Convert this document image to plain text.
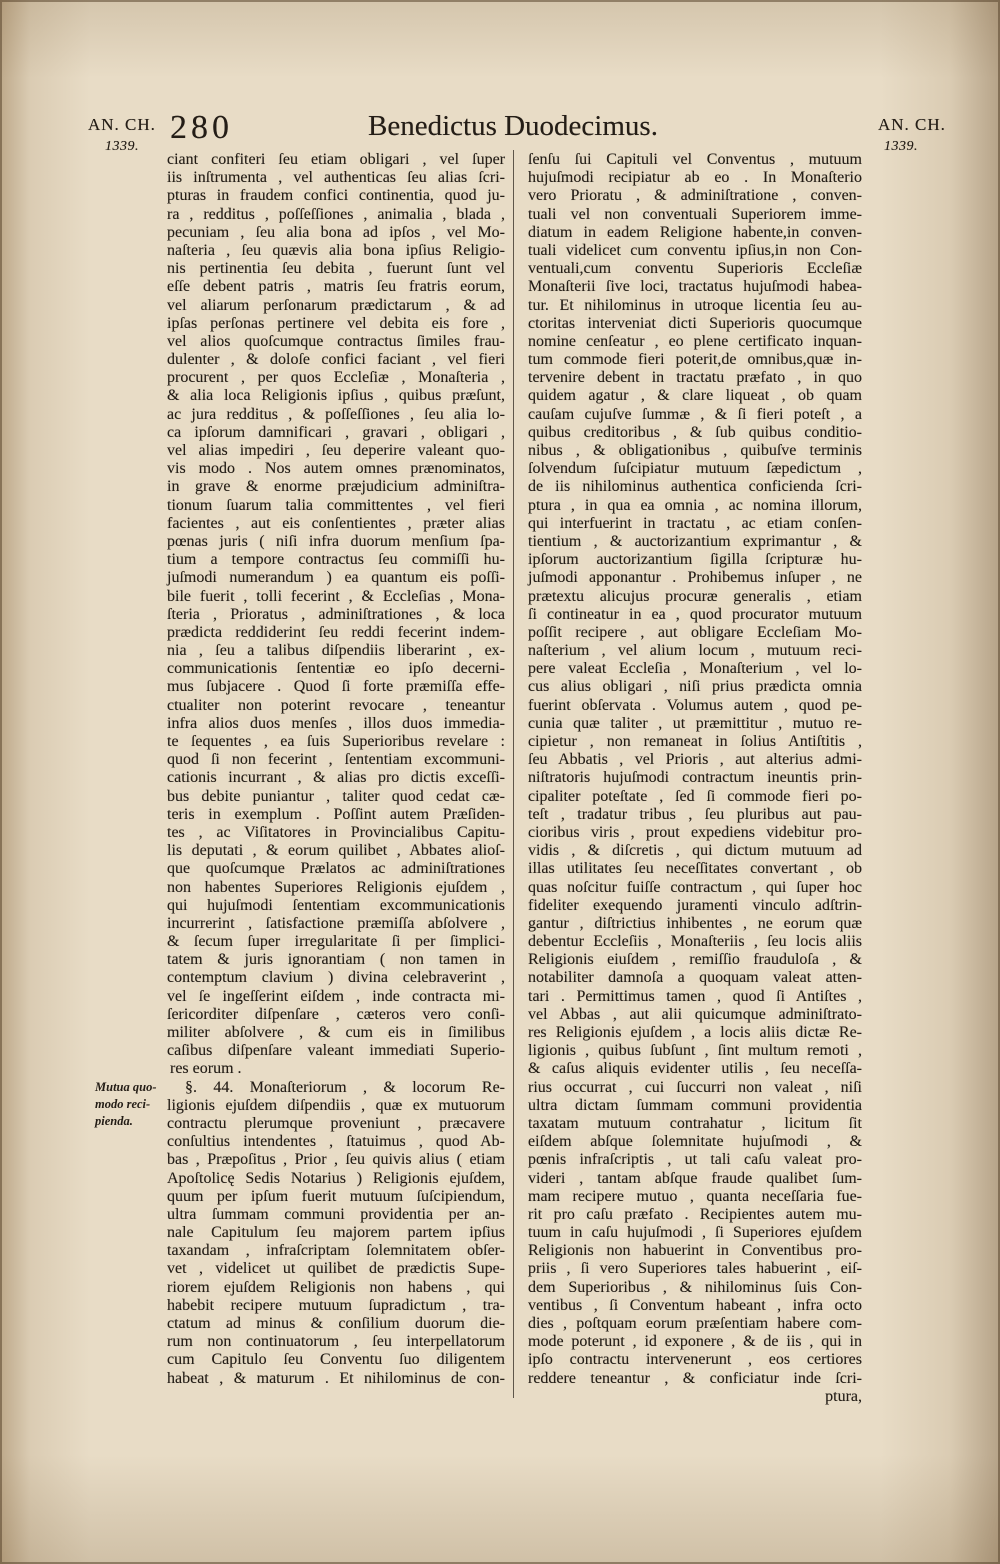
AN. CH.
1339.
280	Benedictus Duodecimus.	AN. CH.
1339.
Mutua quo-
modo reci-
pienda.
ciant confiteri ſeu etiam obligari , vel ſuper
iis inſtrumenta , vel authenticas ſeu alias ſcri-
pturas in fraudem confici continentia, quod ju-
ra , redditus , poſſeſſiones , animalia , blada ,
pecuniam , ſeu alia bona ad ipſos , vel Mo-
naſteria , ſeu quævis alia bona ipſius Religio-
nis pertinentia ſeu debita , fuerunt ſunt vel
eſſe debent patris , matris ſeu fratris eorum,
vel aliarum perſonarum prædictarum , & ad
ipſas perſonas pertinere vel debita eis fore ,
vel alios quoſcumque contractus ſimiles frau-
dulenter , & doloſe confici faciant , vel fieri
procurent , per quos Eccleſiæ , Monaſteria ,
& alia loca Religionis ipſius , quibus præſunt,
ac jura redditus , & poſſeſſiones , ſeu alia lo-
ca ipſorum damnificari , gravari , obligari ,
vel alias impediri , ſeu deperire valeant quo-
vis modo . Nos autem omnes prænominatos,
in grave & enorme præjudicium adminiſtra-
tionum ſuarum talia committentes , vel fieri
facientes , aut eis conſentientes , præter alias
pœnas juris ( niſi infra duorum menſium ſpa-
tium a tempore contractus ſeu commiſſi hu-
juſmodi numerandum ) ea quantum eis poſſi-
bile fuerit , tolli fecerint , & Eccleſias , Mona-
ſteria , Prioratus , adminiſtrationes , & loca
prædicta reddiderint ſeu reddi fecerint indem-
nia , ſeu a talibus diſpendiis liberarint , ex-
communicationis ſententiæ eo ipſo decerni-
mus ſubjacere . Quod ſi forte præmiſſa effe-
ctualiter non poterint revocare , teneantur
infra alios duos menſes , illos duos immedia-
te ſequentes , ea ſuis Superioribus revelare :
quod ſi non fecerint , ſententiam excommuni-
cationis incurrant , & alias pro dictis exceſſi-
bus debite puniantur , taliter quod cedat cæ-
teris in exemplum . Poſſint autem Præſiden-
tes , ac Viſitatores in Provincialibus Capitu-
lis deputati , & eorum quilibet , Abbates alioſ-
que quoſcumque Prælatos ac adminiſtrationes
non habentes Superiores Religionis ejuſdem ,
qui hujuſmodi ſententiam excommunicationis
incurrerint , ſatisfactione præmiſſa abſolvere ,
& ſecum ſuper irregularitate ſi per ſimplici-
tatem & juris ignorantiam ( non tamen in
contemptum clavium ) divina celebraverint ,
vel ſe ingeſſerint eiſdem , inde contracta mi-
ſericorditer diſpenſare , cæteros vero conſi-
militer abſolvere , & cum eis in ſimilibus
caſibus diſpenſare valeant immediati Superio-
res eorum .
§. 44. Monaſteriorum , & locorum Re-
ligionis ejuſdem diſpendiis , quæ ex mutuorum
contractu plerumque proveniunt , præcavere
conſultius intendentes , ſtatuimus , quod Ab-
bas , Præpoſitus , Prior , ſeu quivis alius ( etiam
Apoſtolicę Sedis Notarius ) Religionis ejuſdem,
quum per ipſum fuerit mutuum ſuſcipiendum,
ultra ſummam communi providentia per an-
nale Capitulum ſeu majorem partem ipſius
taxandam , infraſcriptam ſolemnitatem obſer-
vet , videlicet ut quilibet de prædictis Supe-
riorem ejuſdem Religionis non habens , qui
habebit recipere mutuum ſupradictum , tra-
ctatum ad minus & conſilium duorum die-
rum non continuatorum , ſeu interpellatorum
cum Capitulo ſeu Conventu ſuo diligentem
habeat , & maturum . Et nihilominus de con-
ſenſu ſui Capituli vel Conventus , mutuum
hujuſmodi recipiatur ab eo . In Monaſterio
vero Prioratu , & adminiſtratione , conven-
tuali vel non conventuali Superiorem imme-
diatum in eadem Religione habente,in conven-
tuali videlicet cum conventu ipſius,in non Con-
ventuali,cum conventu Superioris Eccleſiæ
Monaſterii ſive loci, tractatus hujuſmodi habea-
tur. Et nihilominus in utroque licentia ſeu au-
ctoritas interveniat dicti Superioris quocumque
nomine cenſeatur , eo plene certificato inquan-
tum commode fieri poterit,de omnibus,quæ in-
tervenire debent in tractatu præfato , in quo
quidem agatur , & clare liqueat , ob quam
cauſam cujuſve ſummæ , & ſi fieri poteſt , a
quibus creditoribus , & ſub quibus conditio-
nibus , & obligationibus , quibuſve terminis
ſolvendum ſuſcipiatur mutuum ſæpedictum ,
de iis nihilominus authentica conficienda ſcri-
ptura , in qua ea omnia , ac nomina illorum,
qui interfuerint in tractatu , ac etiam conſen-
tientium , & auctorizantium exprimantur , &
ipſorum auctorizantium ſigilla ſcripturæ hu-
juſmodi apponantur . Prohibemus inſuper , ne
prætextu alicujus procuræ generalis , etiam
ſi contineatur in ea , quod procurator mutuum
poſſit recipere , aut obligare Eccleſiam Mo-
naſterium , vel alium locum , mutuum reci-
pere valeat Eccleſia , Monaſterium , vel lo-
cus alius obligari , niſi prius prædicta omnia
fuerint obſervata . Volumus autem , quod pe-
cunia quæ taliter , ut præmittitur , mutuo re-
cipietur , non remaneat in ſolius Antiſtitis ,
ſeu Abbatis , vel Prioris , aut alterius admi-
niſtratoris hujuſmodi contractum ineuntis prin-
cipaliter poteſtate , ſed ſi commode fieri po-
teſt , tradatur tribus , ſeu pluribus aut pau-
cioribus viris , prout expediens videbitur pro-
vidis , & diſcretis , qui dictum mutuum ad
illas utilitates ſeu neceſſitates convertant , ob
quas noſcitur fuiſſe contractum , qui ſuper hoc
fideliter exequendo juramenti vinculo adſtrin-
gantur , diſtrictius inhibentes , ne eorum quæ
debentur Eccleſiis , Monaſteriis , ſeu locis aliis
Religionis eiuſdem , remiſſio frauduloſa , &
notabiliter damnoſa a quoquam valeat atten-
tari . Permittimus tamen , quod ſi Antiſtes ,
vel Abbas , aut alii quicumque adminiſtrato-
res Religionis ejuſdem , a locis aliis dictæ Re-
ligionis , quibus ſubſunt , ſint multum remoti ,
& caſus aliquis evidenter utilis , ſeu neceſſa-
rius occurrat , cui ſuccurri non valeat , niſi
ultra dictam ſummam communi providentia
taxatam mutuum contrahatur , licitum ſit
eiſdem abſque ſolemnitate hujuſmodi , &
pœnis infraſcriptis , ut tali caſu valeat pro-
videri , tantam abſque fraude qualibet ſum-
mam recipere mutuo , quanta neceſſaria fue-
rit pro caſu præfato . Recipientes autem mu-
tuum in caſu hujuſmodi , ſi Superiores ejuſdem
Religionis non habuerint in Conventibus pro-
priis , ſi vero Superiores tales habuerint , eiſ-
dem Superioribus , & nihilominus ſuis Con-
ventibus , ſi Conventum habeant , infra octo
dies , poſtquam eorum præſentiam habere com-
mode poterunt , id exponere , & de iis , qui in
ipſo contractu intervenerunt , eos certiores
reddere teneantur , & conficiatur inde ſcri-
ptura,
